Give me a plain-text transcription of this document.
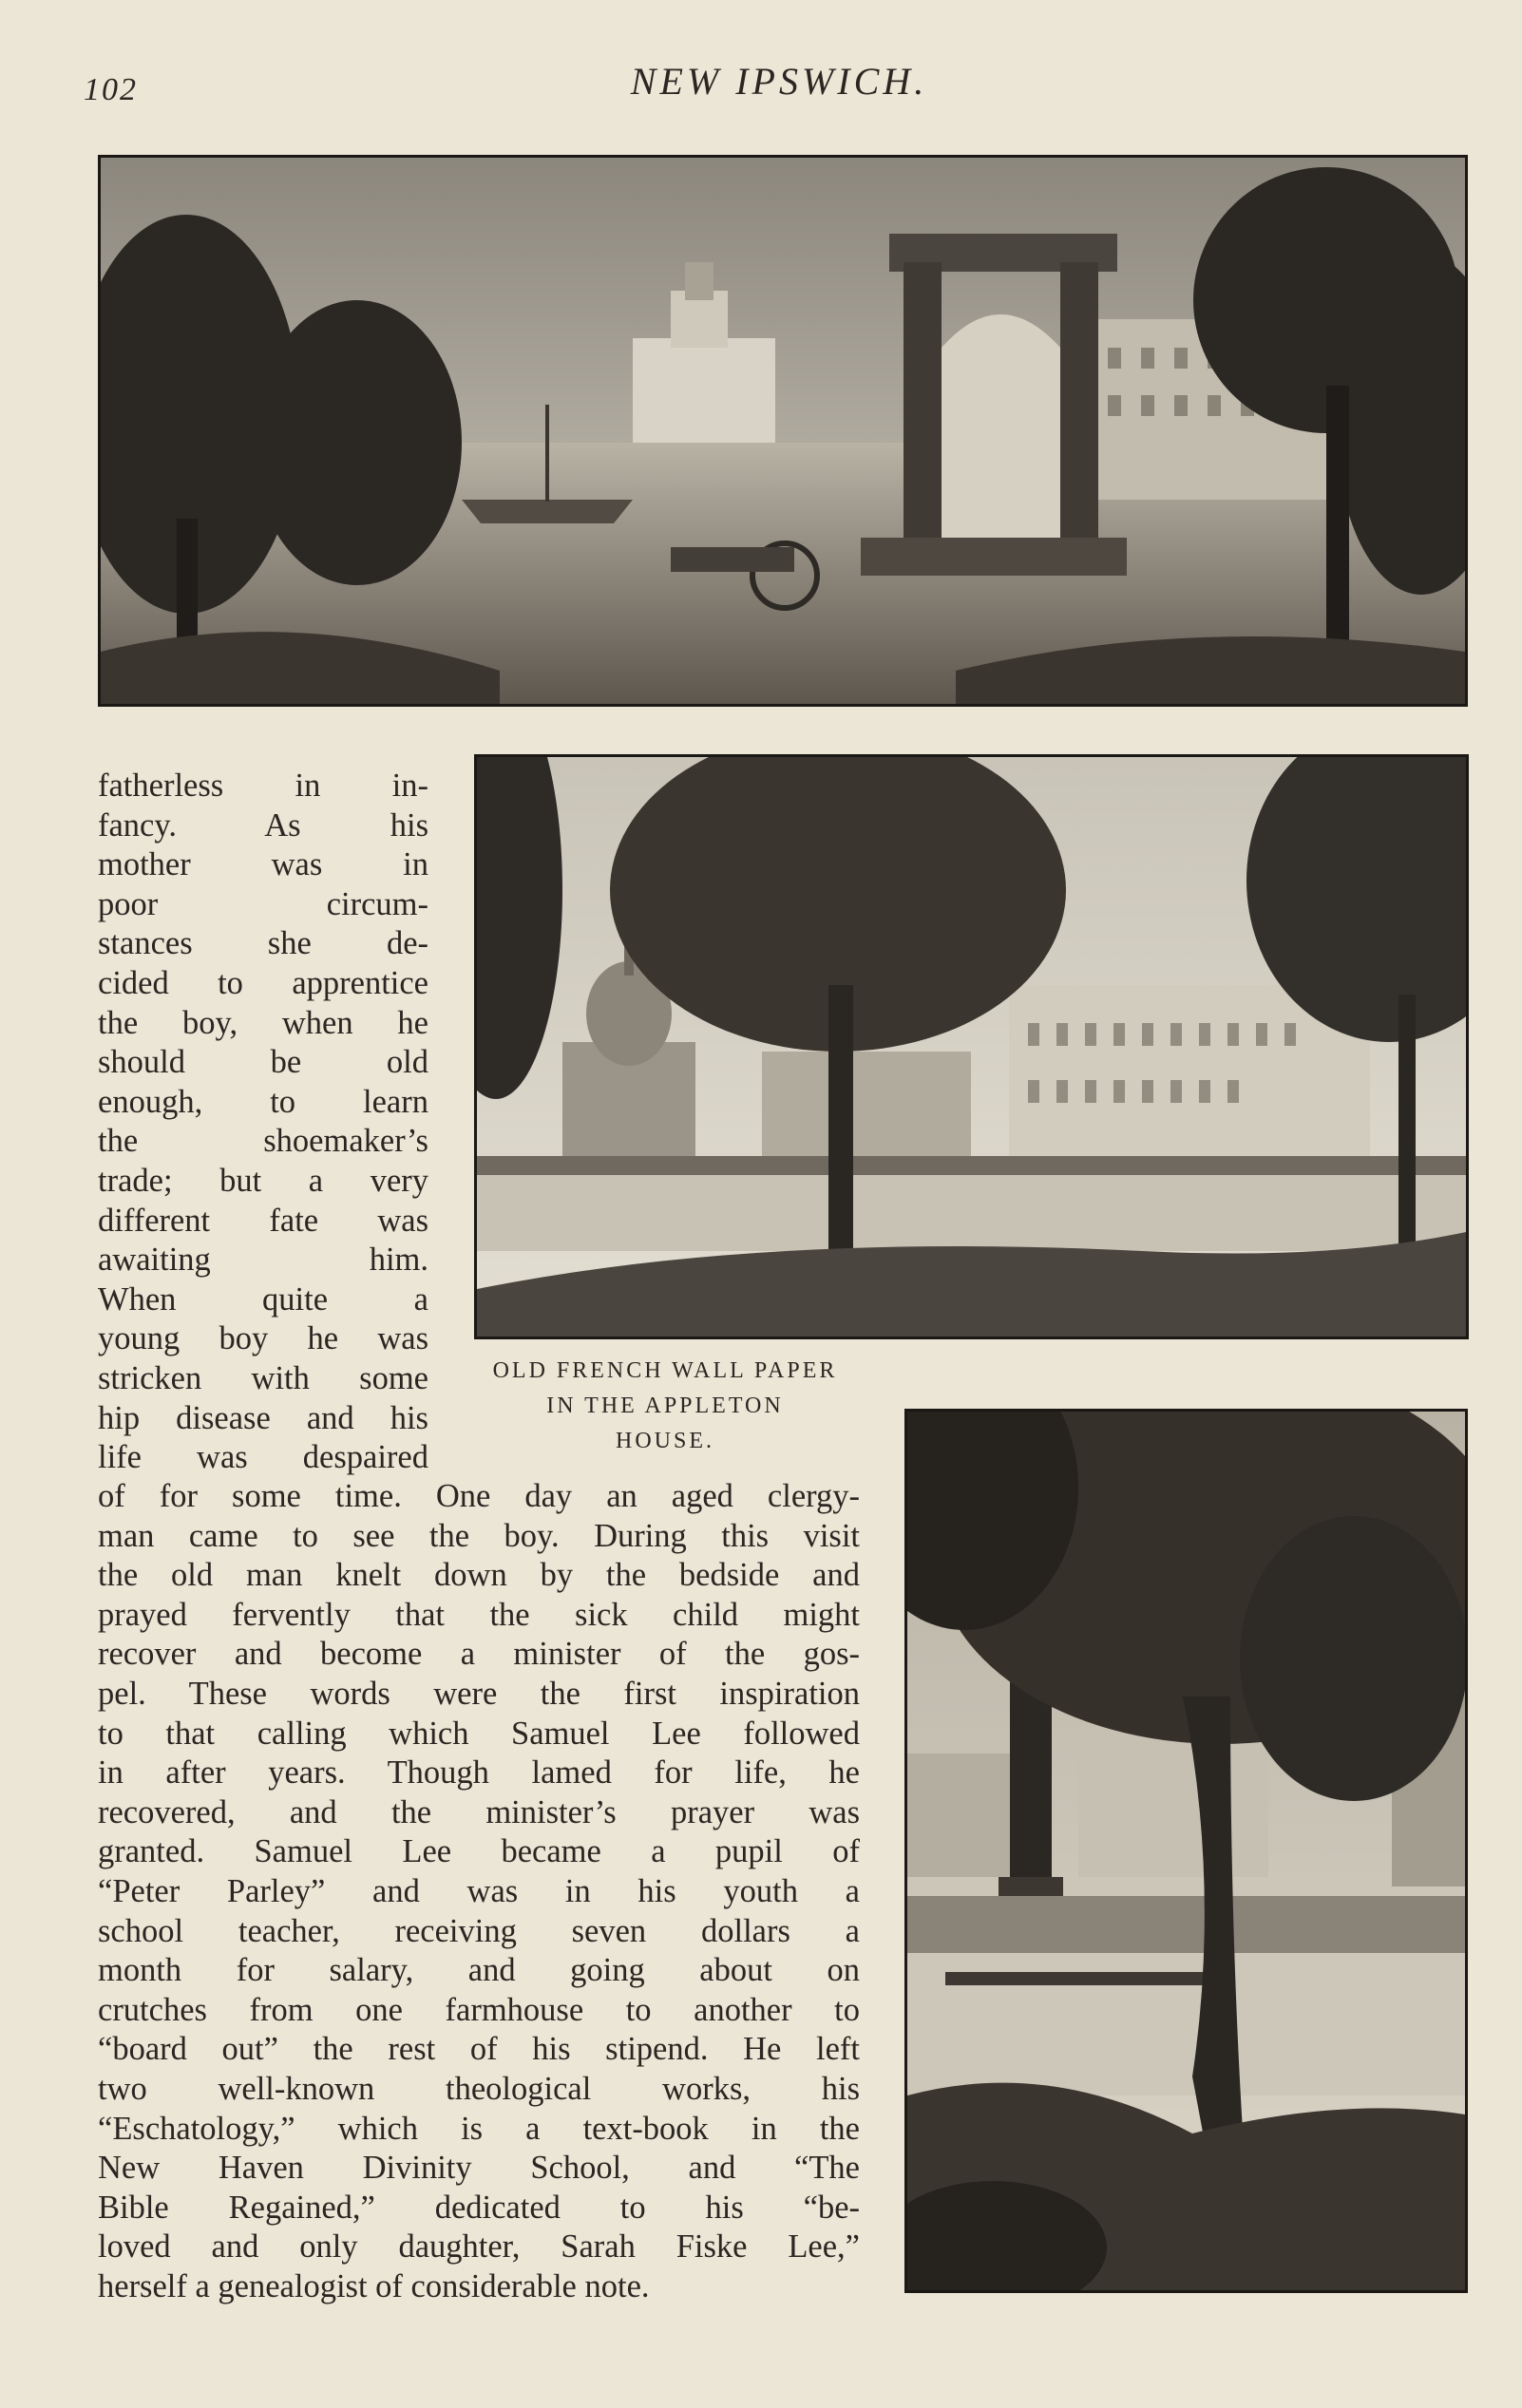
102	NEW IPSWICH.
OLD FRENCH WALL PAPER
IN THE APPLETON
HOUSE.
fatherless in in-
fancy. As his
mother was in
poor circum-
stances she de-
cided to apprentice
the boy, when he
should be old
enough, to learn
the shoemaker’s
trade; but a very
different fate was
awaiting him.
When quite a
young boy he was
stricken with some
hip disease and his
life was despaired
of for some time. One day an aged clergy-
man came to see the boy. During this visit
the old man knelt down by the bedside and
prayed fervently that the sick child might
recover and become a minister of the gos-
pel. These words were the first inspiration
to that calling which Samuel Lee followed
in after years. Though lamed for life, he
recovered, and the minister’s prayer was
granted. Samuel Lee became a pupil of
“Peter Parley” and was in his youth a
school teacher, receiving seven dollars a
month for salary, and going about on
crutches from one farmhouse to another to
“board out” the rest of his stipend. He left
two well-known theological works, his
“Eschatology,” which is a text-book in the
New Haven Divinity School, and “The
Bible Regained,” dedicated to his “be-
loved and only daughter, Sarah Fiske Lee,”
herself a genealogist of considerable note.
